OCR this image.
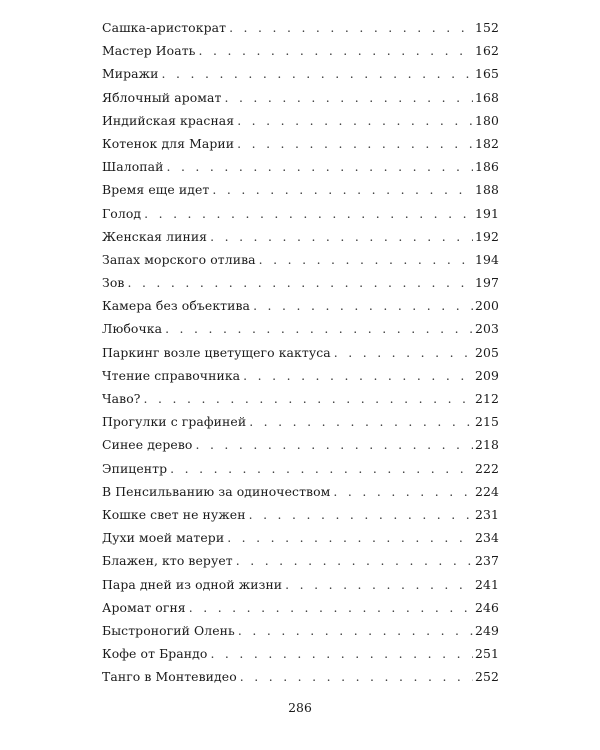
Сашка-аристократ . . .	152
Мастер Иоать . . .	162
Миражи . . .	165
Яблочный аромат . . .	168
Индийская красная . . .	180
Котенок для Марии . . .	182
Шалопай . . .	186
Время еще идет . . .	188
Голод . . .	191
Женская линия . . .	192
Запах морского отлива . . .	194
Зов . . .	197
Камера без объектива . . .	200
Любочка . . .	203
Паркинг возле цветущего кактуса . . .	205
Чтение справочника . . .	209
Чаво? . . .	212
Прогулки с графиней . . .	215
Синее дерево . . .	218
Эпицентр . . .	222
В Пенсильванию за одиночеством . . .	224
Кошке свет не нужен . . .	231
Духи моей матери . . .	234
Блажен, кто верует . . .	237
Пара дней из одной жизни . . .	241
Аромат огня . . .	246
Быстроногий Олень . . .	249
Кофе от Брандо . . .	251
Танго в Монтевидео . . .	252
286
